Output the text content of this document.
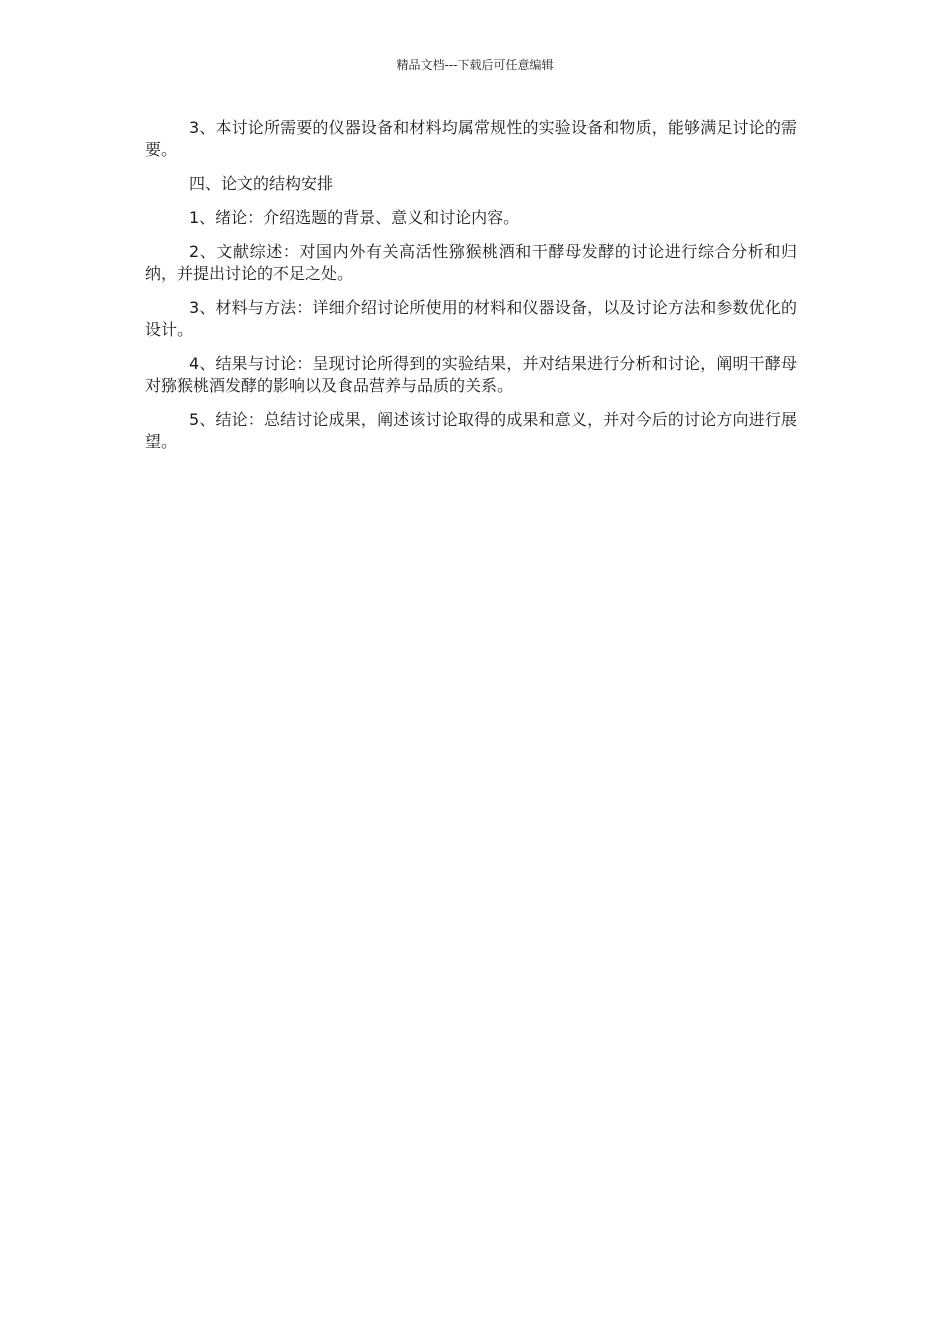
精品文档---下载后可任意编辑

3、本讨论所需要的仪器设备和材料均属常规性的实验设备和物质，能够满足讨论的需要。

四、论文的结构安排

1、绪论：介绍选题的背景、意义和讨论内容。

2、文献综述：对国内外有关高活性猕猴桃酒和干酵母发酵的讨论进行综合分析和归纳，并提出讨论的不足之处。

3、材料与方法：详细介绍讨论所使用的材料和仪器设备，以及讨论方法和参数优化的设计。

4、结果与讨论：呈现讨论所得到的实验结果，并对结果进行分析和讨论，阐明干酵母对猕猴桃酒发酵的影响以及食品营养与品质的关系。

5、结论：总结讨论成果，阐述该讨论取得的成果和意义，并对今后的讨论方向进行展望。
